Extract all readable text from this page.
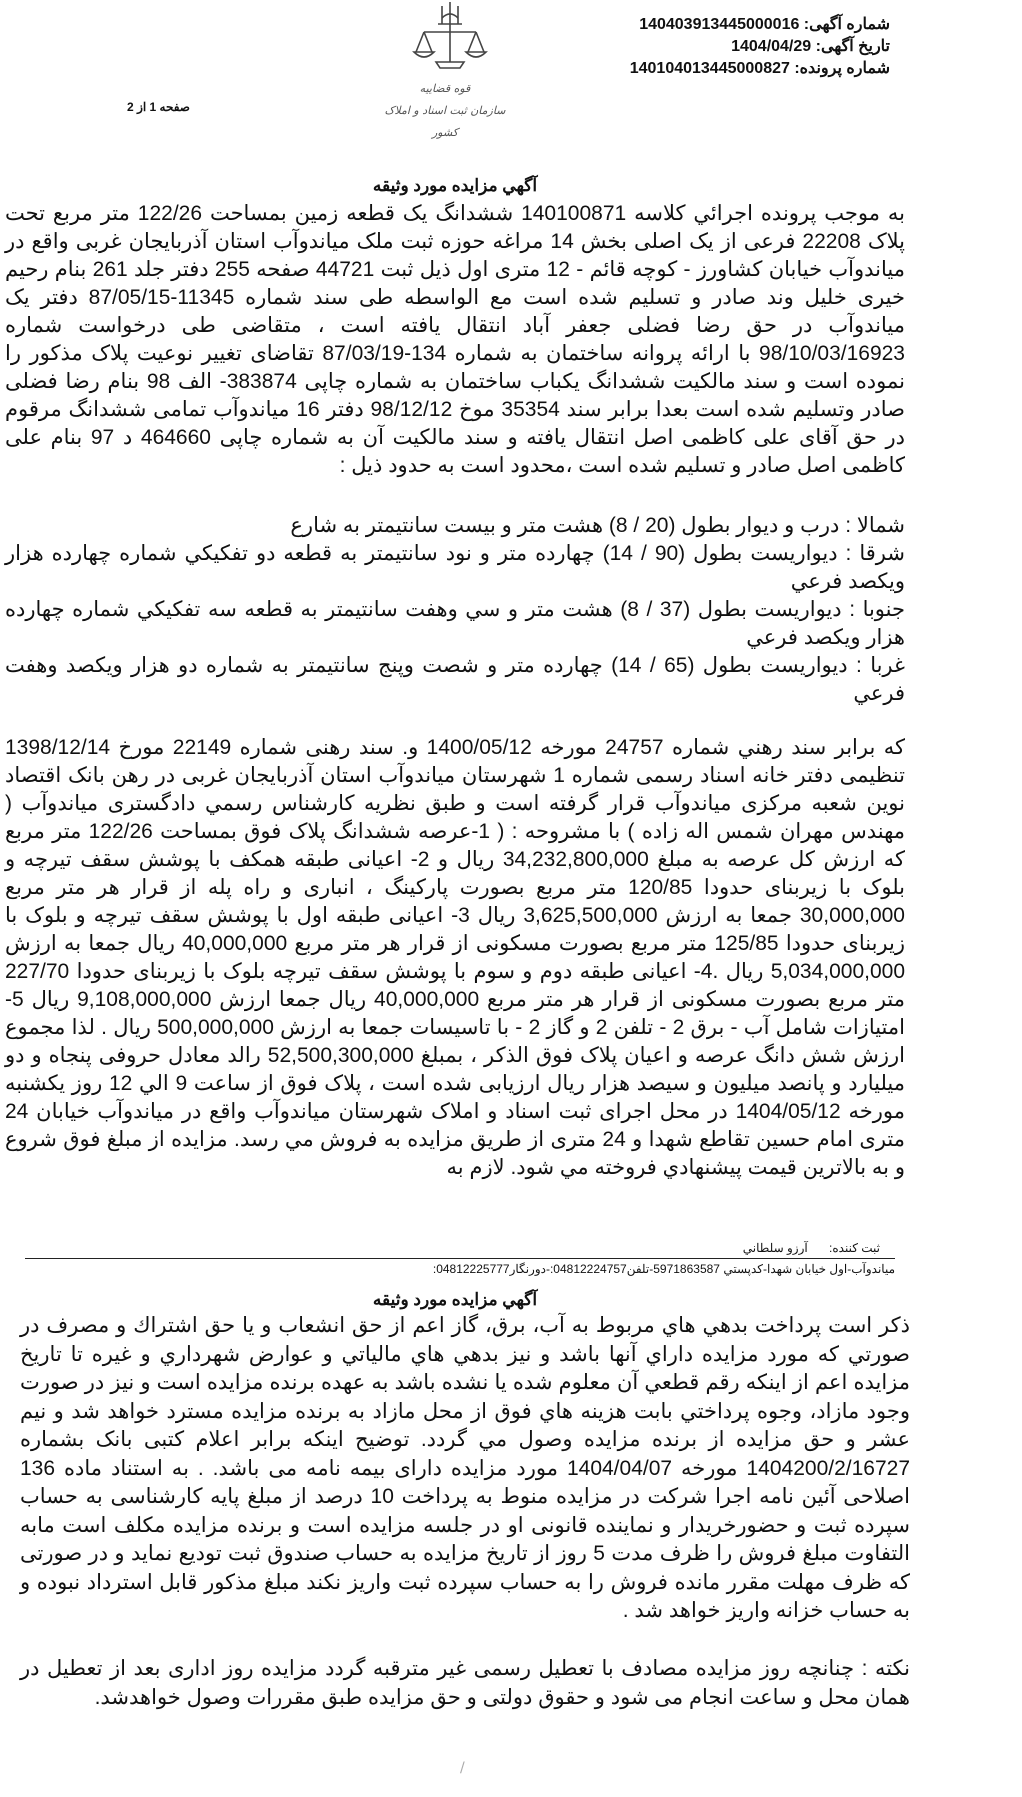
شماره آگهی: 140403913445000016
تاریخ آگهی: 1404/04/29
شماره پرونده: 140104013445000827
صفحه 1 از 2
قوه قضاییه
سازمان ثبت اسناد و املاک کشور
آگهي مزايده مورد وثيقه

به موجب پرونده اجرائي كلاسه 140100871 ششدانگ يک قطعه زمين بمساحت 122/26 متر مربع تحت پلاک 22208 فرعی از يک اصلی بخش 14 مراغه حوزه ثبت ملک مياندوآب استان آذربایجان غربی واقع در میاندوآب خيابان کشاورز - کوچه قائم - 12 متری اول ذيل ثبت 44721 صفحه 255 دفتر جلد 261 بنام رحيم خيری خليل وند صادر و تسليم شده است مع الواسطه طی سند شماره 11345-87/05/15 دفتر يک مياندوآب در حق رضا فضلی جعفر آباد انتقال يافته است ، متقاضی طی درخواست شماره 98/10/03/16923 با ارائه پروانه ساختمان به شماره 134-87/03/19 تقاضای تغيير نوعيت پلاک مذکور را نموده است و سند مالکيت ششدانگ يکباب ساختمان به شماره چاپی 383874- الف 98 بنام رضا فضلی صادر وتسليم شده است بعدا برابر سند 35354 موخ 98/12/12 دفتر 16 مياندوآب تمامی ششدانگ مرقوم در حق آقای علی کاظمی اصل انتقال يافته و سند مالکيت آن به شماره چاپی 464660 د 97 بنام علی کاظمی اصل صادر و تسليم شده است ،محدود است به حدود ذيل :

شمالا : درب و ديوار بطول (20 / 8) هشت متر و بيست سانتيمتر به شارع

شرقا : ديواريست بطول (90 / 14) چهارده متر و نود سانتيمتر به قطعه دو تفکيکي شماره چهارده هزار ويکصد فرعي

جنوبا : ديواريست بطول (37 / 8) هشت متر و سي وهفت سانتيمتر به قطعه سه تفکيکي شماره چهارده هزار ويکصد فرعي

غربا : ديواريست بطول (65 / 14) چهارده متر و شصت وپنج سانتيمتر به شماره دو هزار ويکصد وهفت فرعي

كه برابر سند رهني شماره 24757 مورخه 1400/05/12 و. سند رهنی شماره 22149 مورخ 1398/12/14 تنظيمی دفتر خانه اسناد رسمی شماره 1 شهرستان مياندوآب استان آذربایجان غربی در رهن بانک اقتصاد نوين شعبه مرکزی مياندوآب قرار گرفته است و طبق نظريه کارشناس رسمي دادگستری مياندوآب ( مهندس مهران شمس اله زاده ) با مشروحه : ( 1-عرصه ششدانگ پلاک فوق بمساحت 122/26 متر مربع که ارزش کل عرصه به مبلغ 34,232,800,000 ريال و 2- اعيانی طبقه همکف با پوشش سقف تيرچه و بلوک با زيربنای حدودا 120/85 متر مربع بصورت پارکينگ ، انباری و راه پله از قرار هر متر مربع 30,000,000 جمعا به ارزش 3,625,500,000 ريال 3- اعيانی طبقه اول با پوشش سقف تيرچه و بلوک با زيربنای حدودا 125/85 متر مربع بصورت مسکونی از قرار هر متر مربع 40,000,000 ريال جمعا به ارزش 5,034,000,000 ريال .4- اعيانی طبقه دوم و سوم با پوشش سقف تيرچه بلوک با زيربنای حدودا 227/70 متر مربع بصورت مسکونی از قرار هر متر مربع 40,000,000 ريال جمعا ارزش 9,108,000,000 ريال 5-امتيازات شامل آب - برق 2 - تلفن 2 و گاز 2 - با تاسيسات جمعا به ارزش 500,000,000 ريال . لذا مجموع ارزش شش دانگ عرصه و اعيان پلاک فوق الذکر ، بمبلغ 52,500,300,000 رالد معادل حروفی پنجاه و دو ميليارد و پانصد ميليون و سيصد هزار ريال ارزيابی شده است ، پلاک فوق از ساعت 9 الي 12 روز يکشنبه مورخه 1404/05/12 در محل اجرای ثبت اسناد و املاک شهرستان مياندوآب واقع در مياندوآب خيابان 24 متری امام حسين تقاطع شهدا و 24 متری از طريق مزايده به فروش مي رسد. مزايده از مبلغ فوق شروع و به بالاترين قيمت پيشنهادي فروخته مي شود. لازم به

ثبت كننده: آرزو سلطاني
مياندوآب-اول خيابان شهدا-كدپستي 5971863587-تلفن04812224757:-دورنگار04812225777:
آگهي مزايده مورد وثيقه

ذکر است پرداخت بدهي هاي مربوط به آب، برق، گاز اعم از حق انشعاب و يا حق اشتراك و مصرف در صورتي كه مورد مزايده داراي آنها باشد و نيز بدهي هاي مالياتي و عوارض شهرداري و غيره تا تاريخ مزايده اعم از اينكه رقم قطعي آن معلوم شده يا نشده باشد به عهده برنده مزايده است و نيز در صورت وجود مازاد، وجوه پرداختي بابت هزينه هاي فوق از محل مازاد به برنده مزايده مسترد خواهد شد و نيم عشر و حق مزايده از برنده مزايده وصول مي گردد. توضيح اينکه برابر اعلام کتبی بانک بشماره 1404200/2/16727 مورخه 1404/04/07 مورد مزايده دارای بيمه نامه می باشد. . به استناد ماده 136 اصلاحی آئين نامه اجرا شرکت در مزايده منوط به پرداخت 10 درصد از مبلغ پايه کارشناسی به حساب سپرده ثبت و حضورخريدار و نماينده قانونی او در جلسه مزايده است و برنده مزايده مکلف است مابه التفاوت مبلغ فروش را ظرف مدت 5 روز از تاريخ مزايده به حساب صندوق ثبت توديع نمايد و در صورتی که ظرف مهلت مقرر مانده فروش را به حساب سپرده ثبت واريز نکند مبلغ مذکور قابل استرداد نبوده و به حساب خزانه واريز خواهد شد .

نکته : چنانچه روز مزايده مصادف با تعطيل رسمی غير مترقبه گردد مزايده روز اداری بعد از تعطيل در همان محل و ساعت انجام می شود و حقوق دولتی و حق مزايده طبق مقررات وصول خواهدشد.

/
